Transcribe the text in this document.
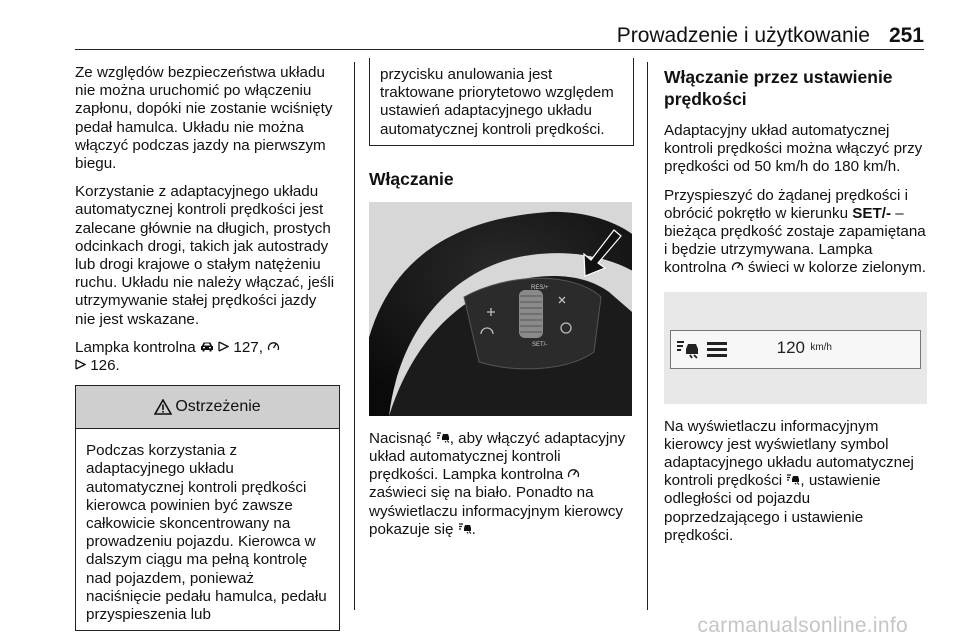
Prowadzenie i użytkowanie 251

Ze względów bezpieczeństwa układu nie można uruchomić po włączeniu zapłonu, dopóki nie zostanie wciśnięty pedał hamulca. Układu nie można włączyć podczas jazdy na pierwszym biegu.

Korzystanie z adaptacyjnego układu automatycznej kontroli prędkości jest zalecane głównie na długich, prostych odcinkach drogi, takich jak autostrady lub drogi krajowe o stałym natężeniu ruchu. Układu nie należy włączać, jeśli utrzymywanie stałej prędkości jazdy nie jest wskazane.

Lampka kontrolna   127,
126.

Ostrzeżenie

Podczas korzystania z adaptacyjnego układu automatycznej kontroli prędkości kierowca powinien być zawsze całkowicie skoncentrowany na prowadzeniu pojazdu. Kierowca w dalszym ciągu ma pełną kontrolę nad pojazdem, ponieważ naciśnięcie pedału hamulca, pedału przyspieszenia lub

przycisku anulowania jest traktowane priorytetowo względem ustawień adaptacyjnego układu automatycznej kontroli prędkości.

Włączanie
RES/+
SET/-

Nacisnąć , aby włączyć adaptacyjny układ automatycznej kontroli prędkości. Lampka kontrolna  zaświeci się na biało. Ponadto na wyświetlaczu informacyjnym kierowcy pokazuje się .

Włączanie przez ustawienie prędkości

Adaptacyjny układ automatycznej kontroli prędkości można włączyć przy prędkości od 50 km/h do 180 km/h.

Przyspieszyć do żądanej prędkości i obrócić pokrętło w kierunku SET/- – bieżąca prędkość zostaje zapamiętana i będzie utrzymywana. Lampka kontrolna  świeci w kolorze zielonym.

120 km/h

Na wyświetlaczu informacyjnym kierowcy jest wyświetlany symbol adaptacyjnego układu automatycznej kontroli prędkości , ustawienie odległości od pojazdu poprzedzającego i ustawienie prędkości.

carmanualsonline.info
